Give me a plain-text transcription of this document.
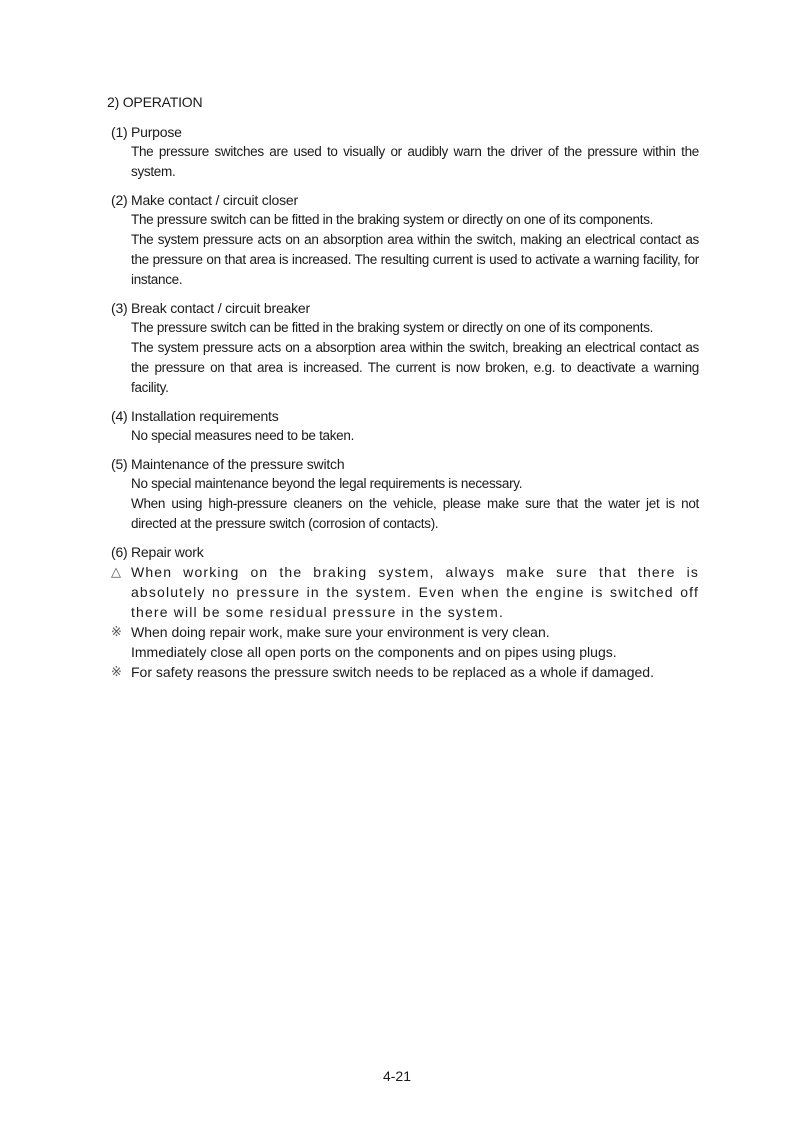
2) OPERATION
(1) Purpose
The pressure switches are used to visually or audibly warn the driver of the pressure within the system.
(2) Make contact / circuit closer
The pressure switch can be fitted in the braking system or directly on one of its components.
The system pressure acts on an absorption area within the switch, making an electrical contact as the pressure on that area is increased. The resulting current is used to activate a warning facility, for instance.
(3) Break contact / circuit breaker
The pressure switch can be fitted in the braking system or directly on one of its components.
The system pressure acts on a absorption area within the switch, breaking an electrical contact as the pressure on that area is increased. The current is now broken, e.g. to deactivate a warning facility.
(4) Installation requirements
No special measures need to be taken.
(5) Maintenance of the pressure switch
No special maintenance beyond the legal requirements is necessary.
When using high-pressure cleaners on the vehicle, please make sure that the water jet is not directed at the pressure switch (corrosion of contacts).
(6) Repair work
△ When working on the braking system, always make sure that there is absolutely no pressure in the system. Even when the engine is switched off there will be some residual pressure in the system.
※ When doing repair work, make sure your environment is very clean.
Immediately close all open ports on the components and on pipes using plugs.
※ For safety reasons the pressure switch needs to be replaced as a whole if damaged.
4-21
